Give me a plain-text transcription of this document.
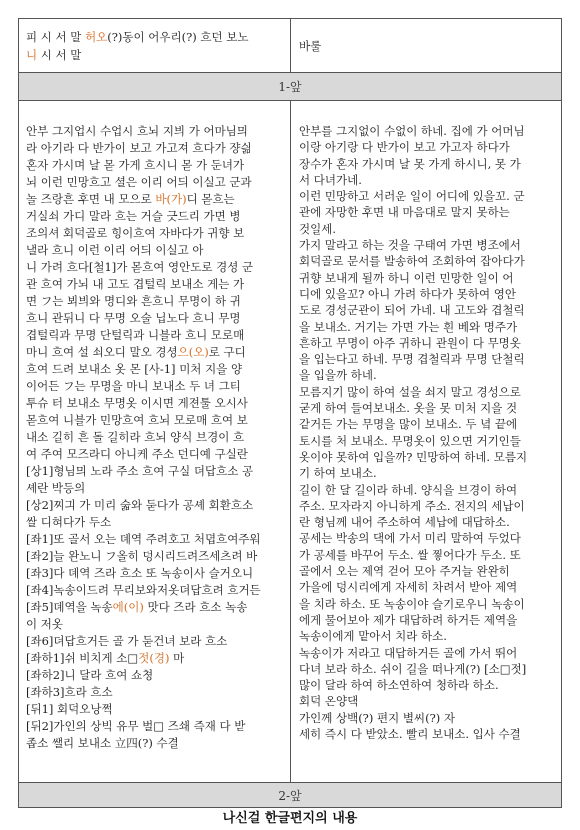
피 시 서 말 허오(?)동이 어우리(?) 흐던 보노
니 시 서 말
바룰
1-앞
안부 그지업시 수업시 흐뇌 지븨 가 어마님믜
라 아기라 다 반가이 보고 가고져 흐다가 쟝싊
혼자 가시며 날 몯 가게 흐시니 몯 가 둔녀가
뇌 이런 민망흐고 셜은 이리 어듸 이실고 군과
놀 즈랑흔 후면 내 모으로 바(가)디 몯흐는
거실쇠 가디 말라 흐는 거슬 긋드리 가면 병
조의셔 회덕골로 힝이흐여 자바다가 귀향 보
낼라 흐니 이런 이리 어듸 이실고 아
니 가려 흐다[철1]가 몯흐여 영안도로 경셩 군
관 흐여 가뇌 내 고도 겹털릭 보내소 게는 가
면 フ는 뵈븨와 명디와 흔흐니 무명이 하 귀
흐니 관뒤니 다 무명 오술 닙노다 흐니 무명
겹털릭과 무명 단털릭과 니블라 흐니 모로매
마니 흐여 설 쇠오디 말오 경셩으(오)로 구디
흐여 드려 보내소 옷 몬 [사-1] 미처 지을 양
이어든 フ는 무명을 마니 보내소 두 녀 그티
투슈 터 보내소 무명옷 이시면 게젼툴 오시사
몯흐여 니블가 민망흐여 흐뇌 모로매 흐여 보
내소 길히 흔 돌 길히라 흐뇌 양식 브경이 흐
여 주여 모즈라디 아니케 주소 던디예 구실란
[상1]형님믜 노라 주소 흐여 구실 뎌답흐소 공
셰란 박등의
[상2]찌긔 가 미리 숣와 둗다가 공셰 회환흐소
쌀 디혀다가 두소
[좌1]또 골서 오는 뎨역 주려호고 처뎝흐여주워
[좌2]늘 완노니 フ올히 덩시리드려즈세츠려 바
[좌3]다 뎨역 즈라 흐소 또 녹송이사 슬거오니
[좌4]녹송이드려 무리보와저옷뎌답흐려 흐거든
[좌5]뎨역을 녹송에(이) 맛다 즈라 흐소 녹송
이 저옷
[좌6]뎌답흐거든 골 가 둗건녀 보라 흐소
[좌하1]쉬 비치게 소□젓(경) 마
[좌하2]니 달라 흐여 쇼쳥
[좌하3]흐라 흐소
[뒤1] 회덕오낭쩍
[뒤2]가인의 상빅 유무 벌□ 즈쇄 즉재 다 받
좁소 쌜리 보내소 立四(?) 수결
안부를 그지없이 수없이 하네. 집에 가 어머님
이랑 아기랑 다 반가이 보고 가고자 하다가
장수가 혼자 가시며 날 못 가게 하시니, 못 가
서 다녀가네.
이런 민망하고 서러운 일이 어디에 있을꼬. 군
관에 자망한 후면 내 마음대로 말지 못하는
것일세.
가지 말라고 하는 것을 구태여 가면 병조에서
회덕골로 문서를 발송하여 조회하여 잡아다가
귀향 보내게 될까 하니 이런 민망한 일이 어
디에 있을꼬? 아니 가려 하다가 못하여 영안
도로 경성군관이 되어 가네. 내 고도와 겹철릭
을 보내소. 거기는 가면 가는 흰 베와 명주가
흔하고 무명이 아주 귀하니 관원이 다 무명옷
을 입는다고 하네. 무명 겹철릭과 무명 단철릭
을 입을까 하네.
모름지기 많이 하여 설을 쇠지 말고 경성으로
굳게 하여 들여보내소. 옷을 못 미처 지을 것
같거든 가는 무명을 많이 보내소. 두 녘 끝에
토시를 처 보내소. 무명옷이 있으면 거기인들
옷이야 못하여 입을까? 민망하여 하네. 모름지
기 하여 보내소.
길이 한 달 길이라 하네. 양식을 브경이 하여
주소. 모자라지 아니하게 주소. 전지의 세납이
란 형님께 내어 주소하여 세납에 대답하소.
공세는 박송의 댁에 가서 미리 말하여 두었다
가 공세를 바꾸어 두소. 쌀 찧어다가 두소. 또
골에서 오는 제역 걷어 모아 주거늘 완완히
가을에 덩시리에게 자세히 차려서 받아 제역
을 치라 하소. 또 녹송이야 슬기로우니 녹송이
에게 물어보아 제가 대답하려 하거든 제역을
녹송이에게 맡아서 치라 하소.
녹송이가 저라고 대답하거든 골에 가서 뛰어
다녀 보라 하소. 쉬이 길을 떠나게(?) [소□젓]
많이 달라 하여 하소연하여 청하라 하소.
회덕 온양댁
가인께 상백(?) 편지 별씨(?) 자
세히 즉시 다 받았소. 빨리 보내소. 입사 수결
2-앞
나신걸 한글편지의 내용
